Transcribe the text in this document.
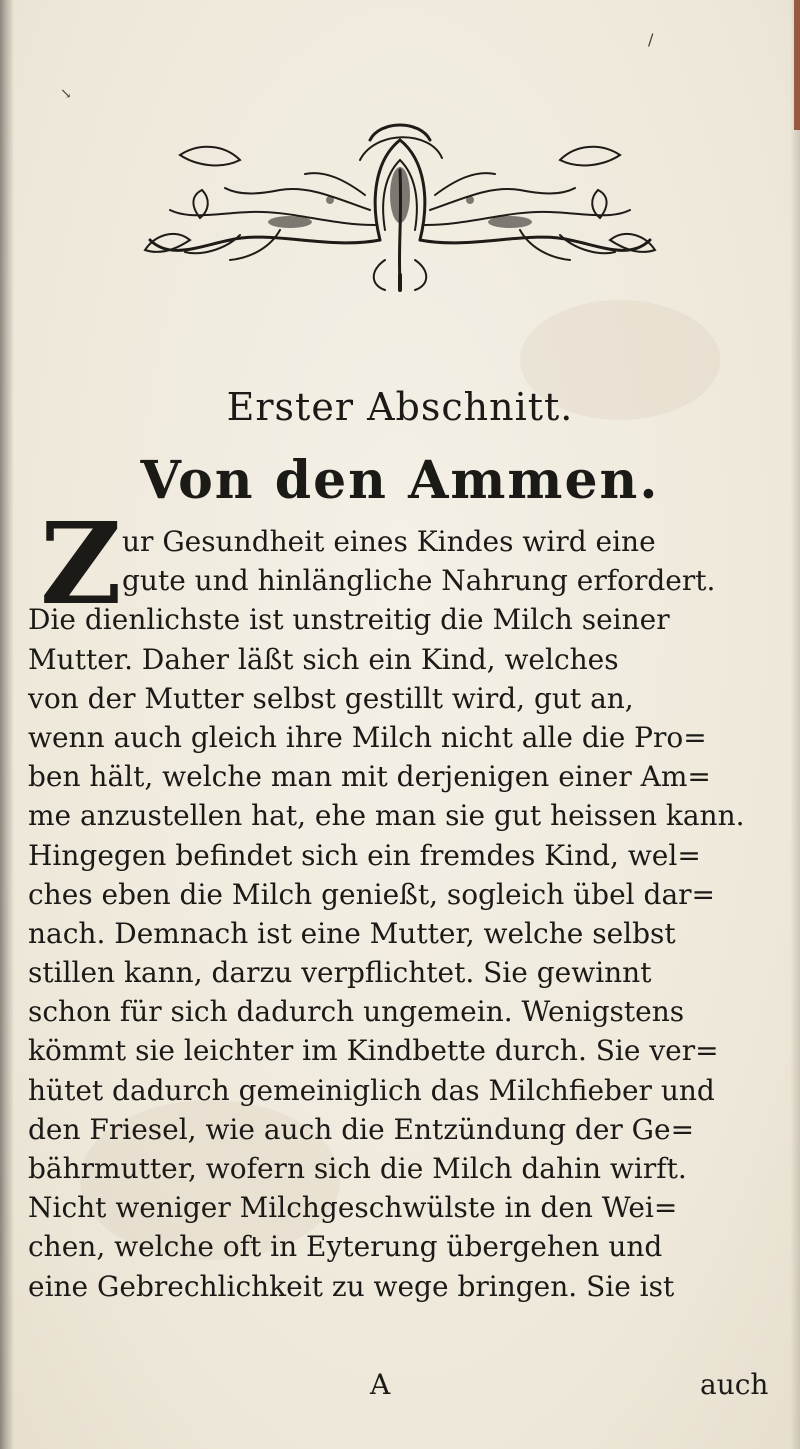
/
↘
Erster Abschnitt.
Von den Ammen.
Z ur Gesundheit eines Kindes wird eine
gute und hinlängliche Nahrung erfordert.
Die dienlichste ist unstreitig die Milch seiner
Mutter. Daher läßt sich ein Kind, welches
von der Mutter selbst gestillt wird, gut an,
wenn auch gleich ihre Milch nicht alle die Pro=
ben hält, welche man mit derjenigen einer Am=
me anzustellen hat, ehe man sie gut heissen kann.
Hingegen befindet sich ein fremdes Kind, wel=
ches eben die Milch genießt, sogleich übel dar=
nach. Demnach ist eine Mutter, welche selbst
stillen kann, darzu verpflichtet. Sie gewinnt
schon für sich dadurch ungemein. Wenigstens
kömmt sie leichter im Kindbette durch. Sie ver=
hütet dadurch gemeiniglich das Milchfieber und
den Friesel, wie auch die Entzündung der Ge=
bährmutter, wofern sich die Milch dahin wirft.
Nicht weniger Milchgeschwülste in den Wei=
chen, welche oft in Eyterung übergehen und
eine Gebrechlichkeit zu wege bringen. Sie ist
A	auch
